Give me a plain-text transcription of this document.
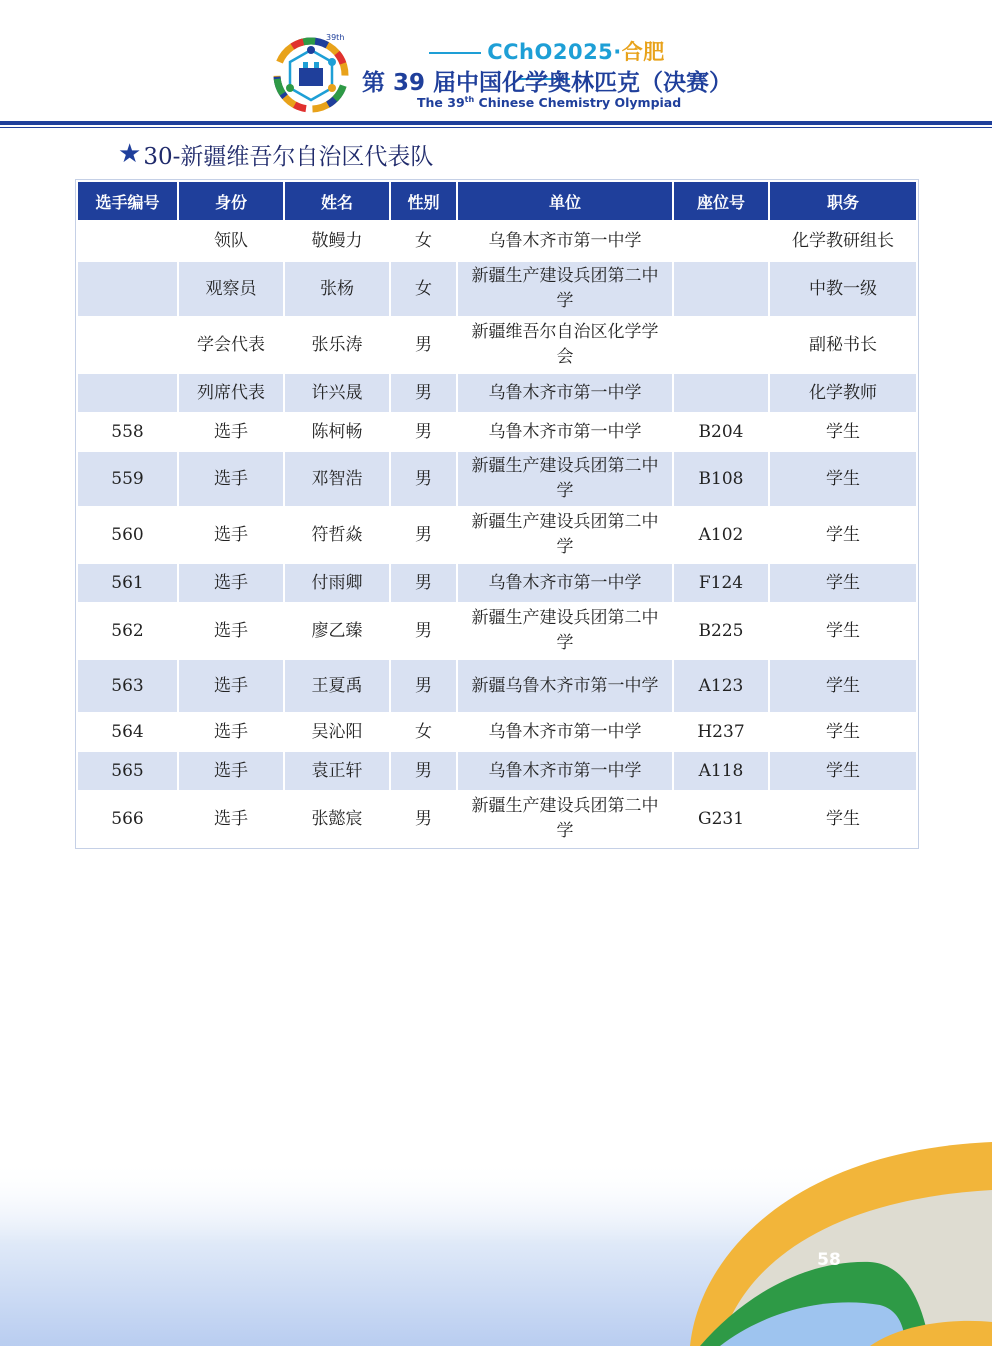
39th
CChO2025·合肥
第 39 届中国化学奥林匹克（决赛）
The 39th Chinese Chemistry Olympiad
★ 30-新疆维吾尔自治区代表队
选手编号	身份	姓名	性别	单位	座位号	职务
	领队	敬鳗力	女	乌鲁木齐市第一中学		化学教研组长
	观察员	张杨	女	新疆生产建设兵团第二中学		中教一级
	学会代表	张乐涛	男	新疆维吾尔自治区化学学会		副秘书长
	列席代表	许兴晟	男	乌鲁木齐市第一中学		化学教师
558	选手	陈柯畅	男	乌鲁木齐市第一中学	B204	学生
559	选手	邓智浩	男	新疆生产建设兵团第二中学	B108	学生
560	选手	符哲焱	男	新疆生产建设兵团第二中学	A102	学生
561	选手	付雨卿	男	乌鲁木齐市第一中学	F124	学生
562	选手	廖乙臻	男	新疆生产建设兵团第二中学	B225	学生
563	选手	王夏禹	男	新疆乌鲁木齐市第一中学	A123	学生
564	选手	吴沁阳	女	乌鲁木齐市第一中学	H237	学生
565	选手	袁正轩	男	乌鲁木齐市第一中学	A118	学生
566	选手	张懿宸	男	新疆生产建设兵团第二中学	G231	学生
58
